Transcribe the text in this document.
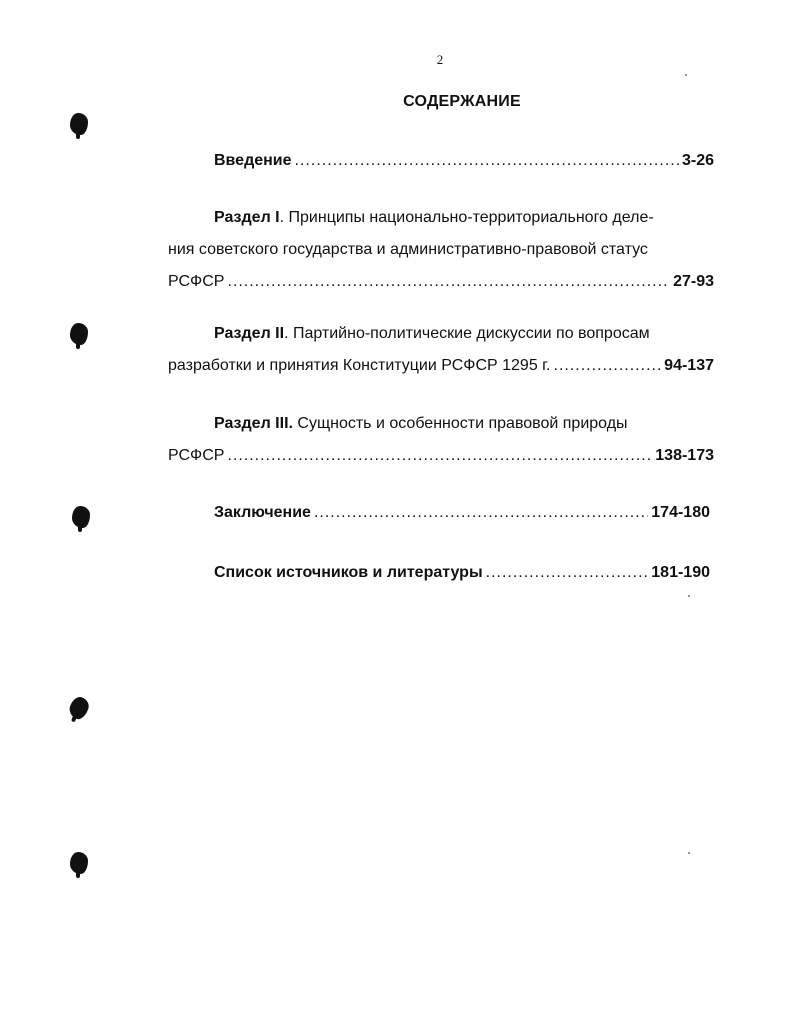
2
СОДЕРЖАНИЕ
Введение .....	3-26
Раздел I. Принципы национально-территориального деле-
ния советского государства и административно-правовой статус
РСФСР .....	27-93
Раздел II. Партийно-политические дискуссии по вопросам
разработки и принятия Конституции РСФСР 1295 г. .....	94-137
Раздел III. Сущность и особенности правовой природы
РСФСР .....	138-173
Заключение .....	174-180
Список источников и литературы .....	181-190
